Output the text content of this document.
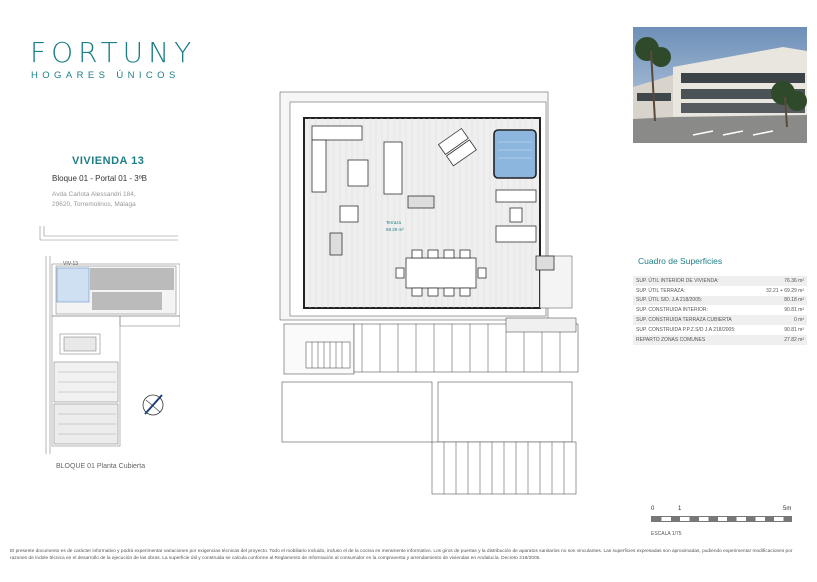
FORTUNY
HOGARES ÚNICOS
VIVIENDA 13
Bloque 01 - Portal 01 - 3ºB
Avda Carlota Alessandri 184,
29620, Torremolinos, Málaga
VIV-13
BLOQUE 01 Planta Cubierta
Terraza
69.29 m²
Cuadro de Superficies
SUP. ÚTIL INTERIOR DE VIVIENDA:	76.36 m²
SUP. ÚTIL TERRAZA:	32.21 + 69.29 m²
SUP. ÚTIL S/D. J.A 218/2005:	80.18 m²
SUP. CONSTRUIDA INTERIOR:	90.81 m²
SUP. CONSTRUIDA TERRAZA CUBIERTA	0 m²
SUP. CONSTRUIDA P.P.Z.S/D J.A 218/2005:	90.81 m²
REPARTO ZONAS COMUNES	27.82 m²
0	1	5m
ESCALA 1/75
El presente documento es de carácter informativo y podrá experimentar variaciones por exigencias técnicas del proyecto. Todo el mobiliario incluido, incluso el de la cocina es meramente informativo. Los giros de puertas y la distribución de aparatos sanitarios no son vinculantes. Las superficies expresadas son aproximadas, pudiendo experimentar modificaciones por razones de índole técnica en el desarrollo de la ejecución de las obras. La superficie útil y construida se calcula conforme al Reglamento de Información al consumidor en la compraventa y arrendamiento de viviendas en Andalucía. Decreto 218/2005.
